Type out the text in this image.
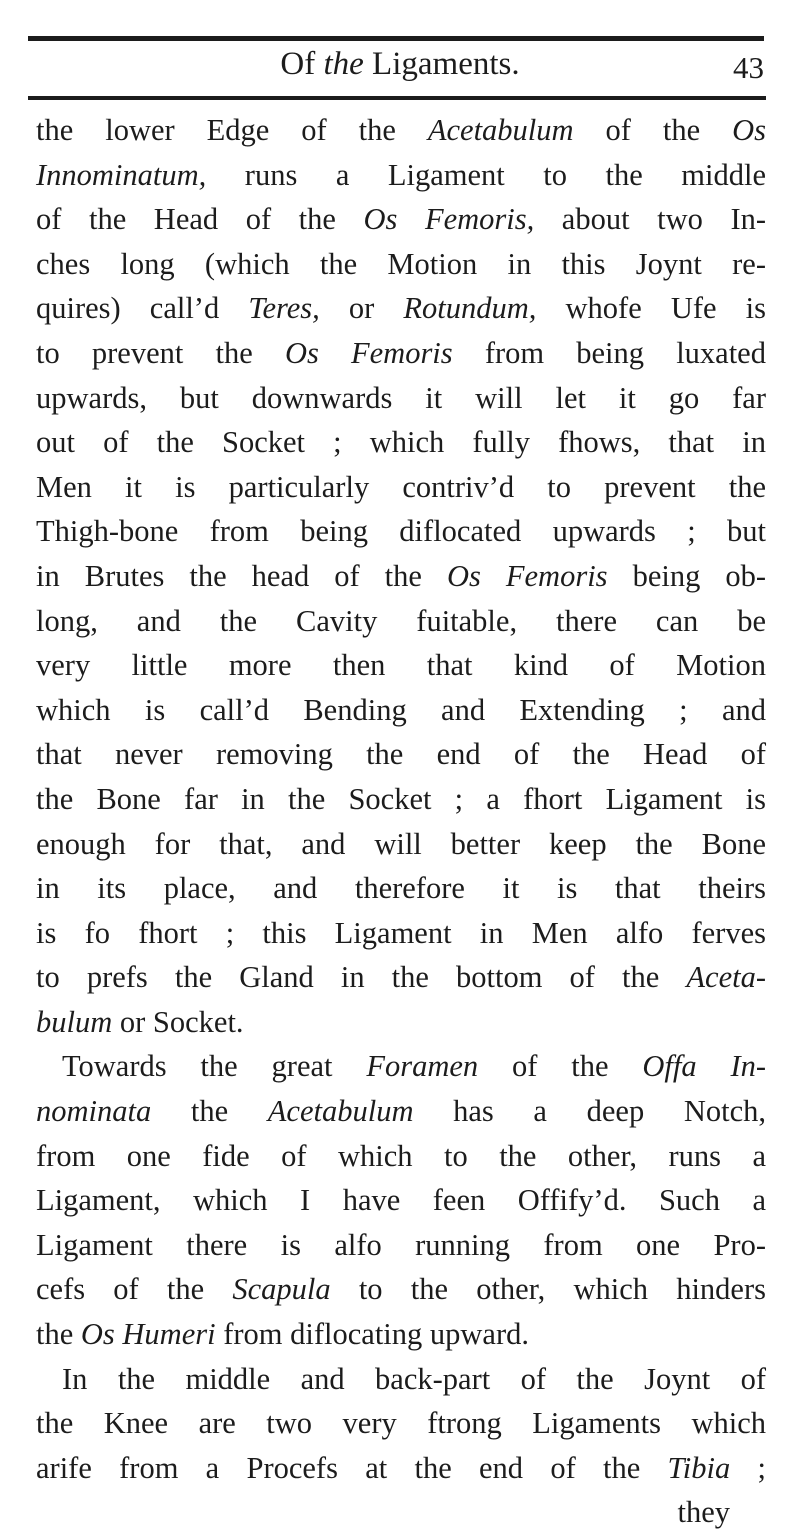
Of the Ligaments.	43
the lower Edge of the Acetabulum of the Os
Innominatum, runs a Ligament to the middle
of the Head of the Os Femoris, about two In-
ches long (which the Motion in this Joynt re-
quires) call’d Teres, or Rotundum, whofe Ufe is
to prevent the Os Femoris from being luxated
upwards, but downwards it will let it go far
out of the Socket ; which fully fhows, that in
Men it is particularly contriv’d to prevent the
Thigh-bone from being diflocated upwards ; but
in Brutes the head of the Os Femoris being ob-
long, and the Cavity fuitable, there can be
very little more then that kind of Motion
which is call’d Bending and Extending ; and
that never removing the end of the Head of
the Bone far in the Socket ; a fhort Ligament is
enough for that, and will better keep the Bone
in its place, and therefore it is that theirs
is fo fhort ; this Ligament in Men alfo ferves
to prefs the Gland in the bottom of the Aceta-
bulum or Socket.
Towards the great Foramen of the Offa In-
nominata the Acetabulum has a deep Notch,
from one fide of which to the other, runs a
Ligament, which I have feen Offify’d. Such a
Ligament there is alfo running from one Pro-
cefs of the Scapula to the other, which hinders
the Os Humeri from diflocating upward.
In the middle and back-part of the Joynt of
the Knee are two very ftrong Ligaments which
arife from a Procefs at the end of the Tibia ;
they
